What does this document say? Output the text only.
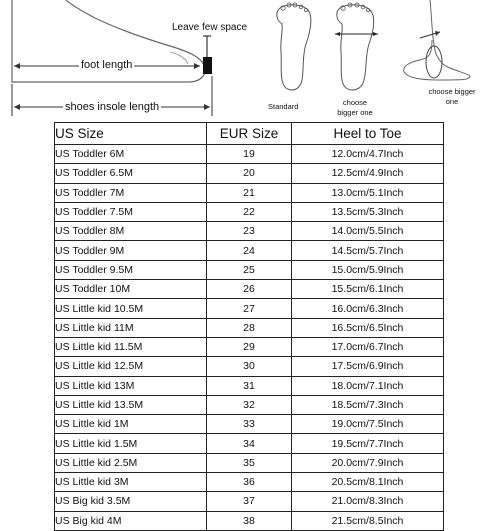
Leave few space
foot length
shoes insole length	Standard	choose bigger one
choose bigger one
US Size	EUR Size	Heel to Toe
US Toddler 6M	19	12.0cm/4.7Inch
US Toddler 6.5M	20	12.5cm/4.9Inch
US Toddler 7M	21	13.0cm/5.1Inch
US Toddler 7.5M	22	13.5cm/5.3Inch
US Toddler 8M	23	14.0cm/5.5Inch
US Toddler 9M	24	14.5cm/5.7Inch
US Toddler 9.5M	25	15.0cm/5.9Inch
US Toddler 10M	26	15.5cm/6.1Inch
US Little kid 10.5M	27	16.0cm/6.3Inch
US Little kid 11M	28	16.5cm/6.5Inch
US Little kid 11.5M	29	17.0cm/6.7Inch
US Little kid 12.5M	30	17.5cm/6.9Inch
US Little kid 13M	31	18.0cm/7.1Inch
US Little kid 13.5M	32	18.5cm/7.3Inch
US Little kid 1M	33	19.0cm/7.5Inch
US Little kid 1.5M	34	19.5cm/7.7Inch
US Little kid 2.5M	35	20.0cm/7.9Inch
US Little kid 3M	36	20.5cm/8.1Inch
US Big kid 3.5M	37	21.0cm/8.3Inch
US Big kid 4M	38	21.5cm/8.5Inch
